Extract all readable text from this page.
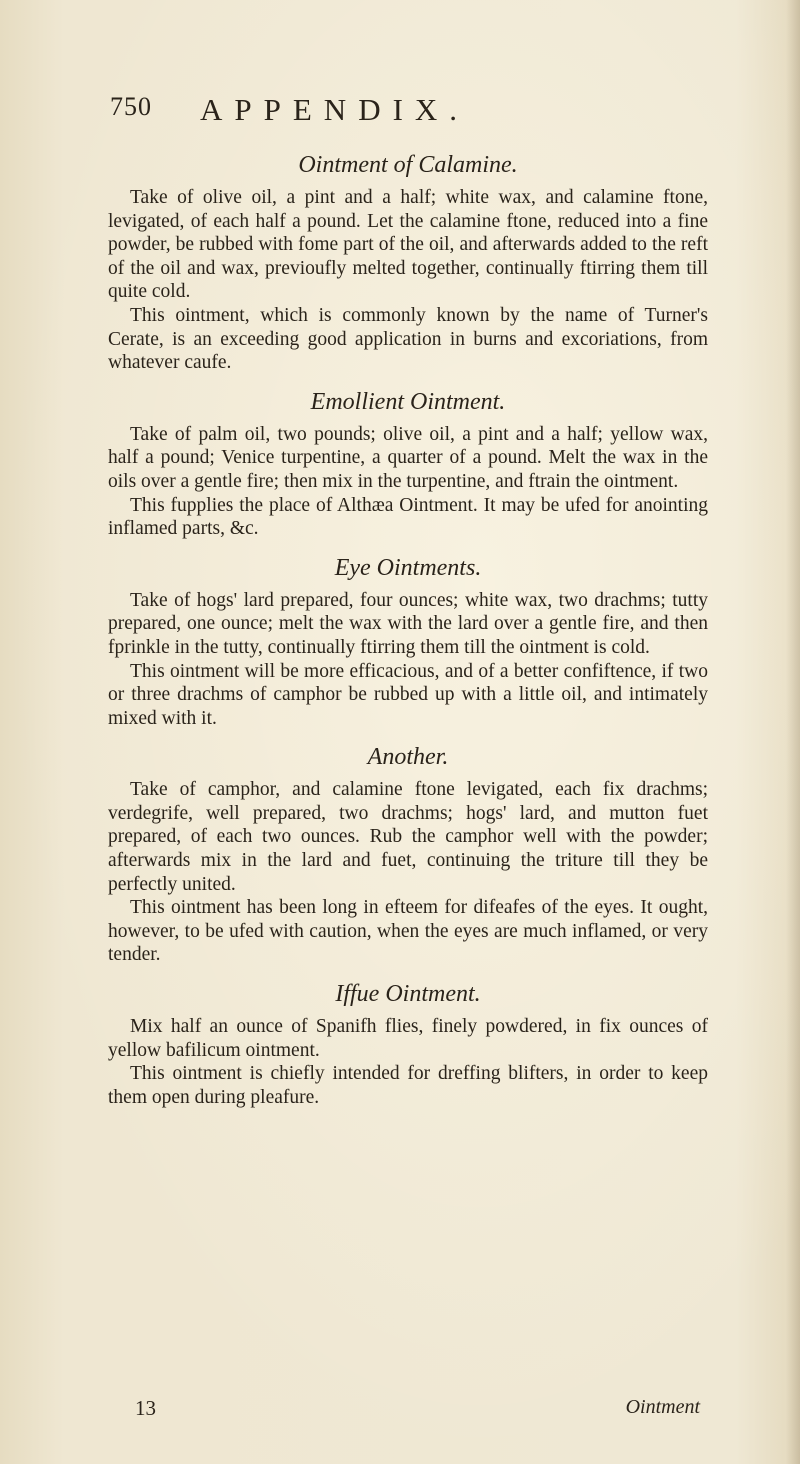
750 APPENDIX.
Ointment of Calamine.

Take of olive oil, a pint and a half; white wax, and calamine ftone, levigated, of each half a pound. Let the calamine ftone, reduced into a fine powder, be rubbed with fome part of the oil, and afterwards added to the reft of the oil and wax, previoufly melted together, continually ftirring them till quite cold.

This ointment, which is commonly known by the name of Turner's Cerate, is an exceeding good application in burns and excoriations, from whatever caufe.

Emollient Ointment.

Take of palm oil, two pounds; olive oil, a pint and a half; yellow wax, half a pound; Venice turpentine, a quarter of a pound. Melt the wax in the oils over a gentle fire; then mix in the turpentine, and ftrain the ointment.

This fupplies the place of Althæa Ointment. It may be ufed for anointing inflamed parts, &c.

Eye Ointments.

Take of hogs' lard prepared, four ounces; white wax, two drachms; tutty prepared, one ounce; melt the wax with the lard over a gentle fire, and then fprinkle in the tutty, continually ftirring them till the ointment is cold.

This ointment will be more efficacious, and of a better confiftence, if two or three drachms of camphor be rubbed up with a little oil, and intimately mixed with it.

Another.

Take of camphor, and calamine ftone levigated, each fix drachms; verdegrife, well prepared, two drachms; hogs' lard, and mutton fuet prepared, of each two ounces. Rub the camphor well with the powder; afterwards mix in the lard and fuet, continuing the triture till they be perfectly united.

This ointment has been long in efteem for difeafes of the eyes. It ought, however, to be ufed with caution, when the eyes are much inflamed, or very tender.

Iffue Ointment.

Mix half an ounce of Spanifh flies, finely powdered, in fix ounces of yellow bafilicum ointment.

This ointment is chiefly intended for dreffing blifters, in order to keep them open during pleafure.

13	Ointment
